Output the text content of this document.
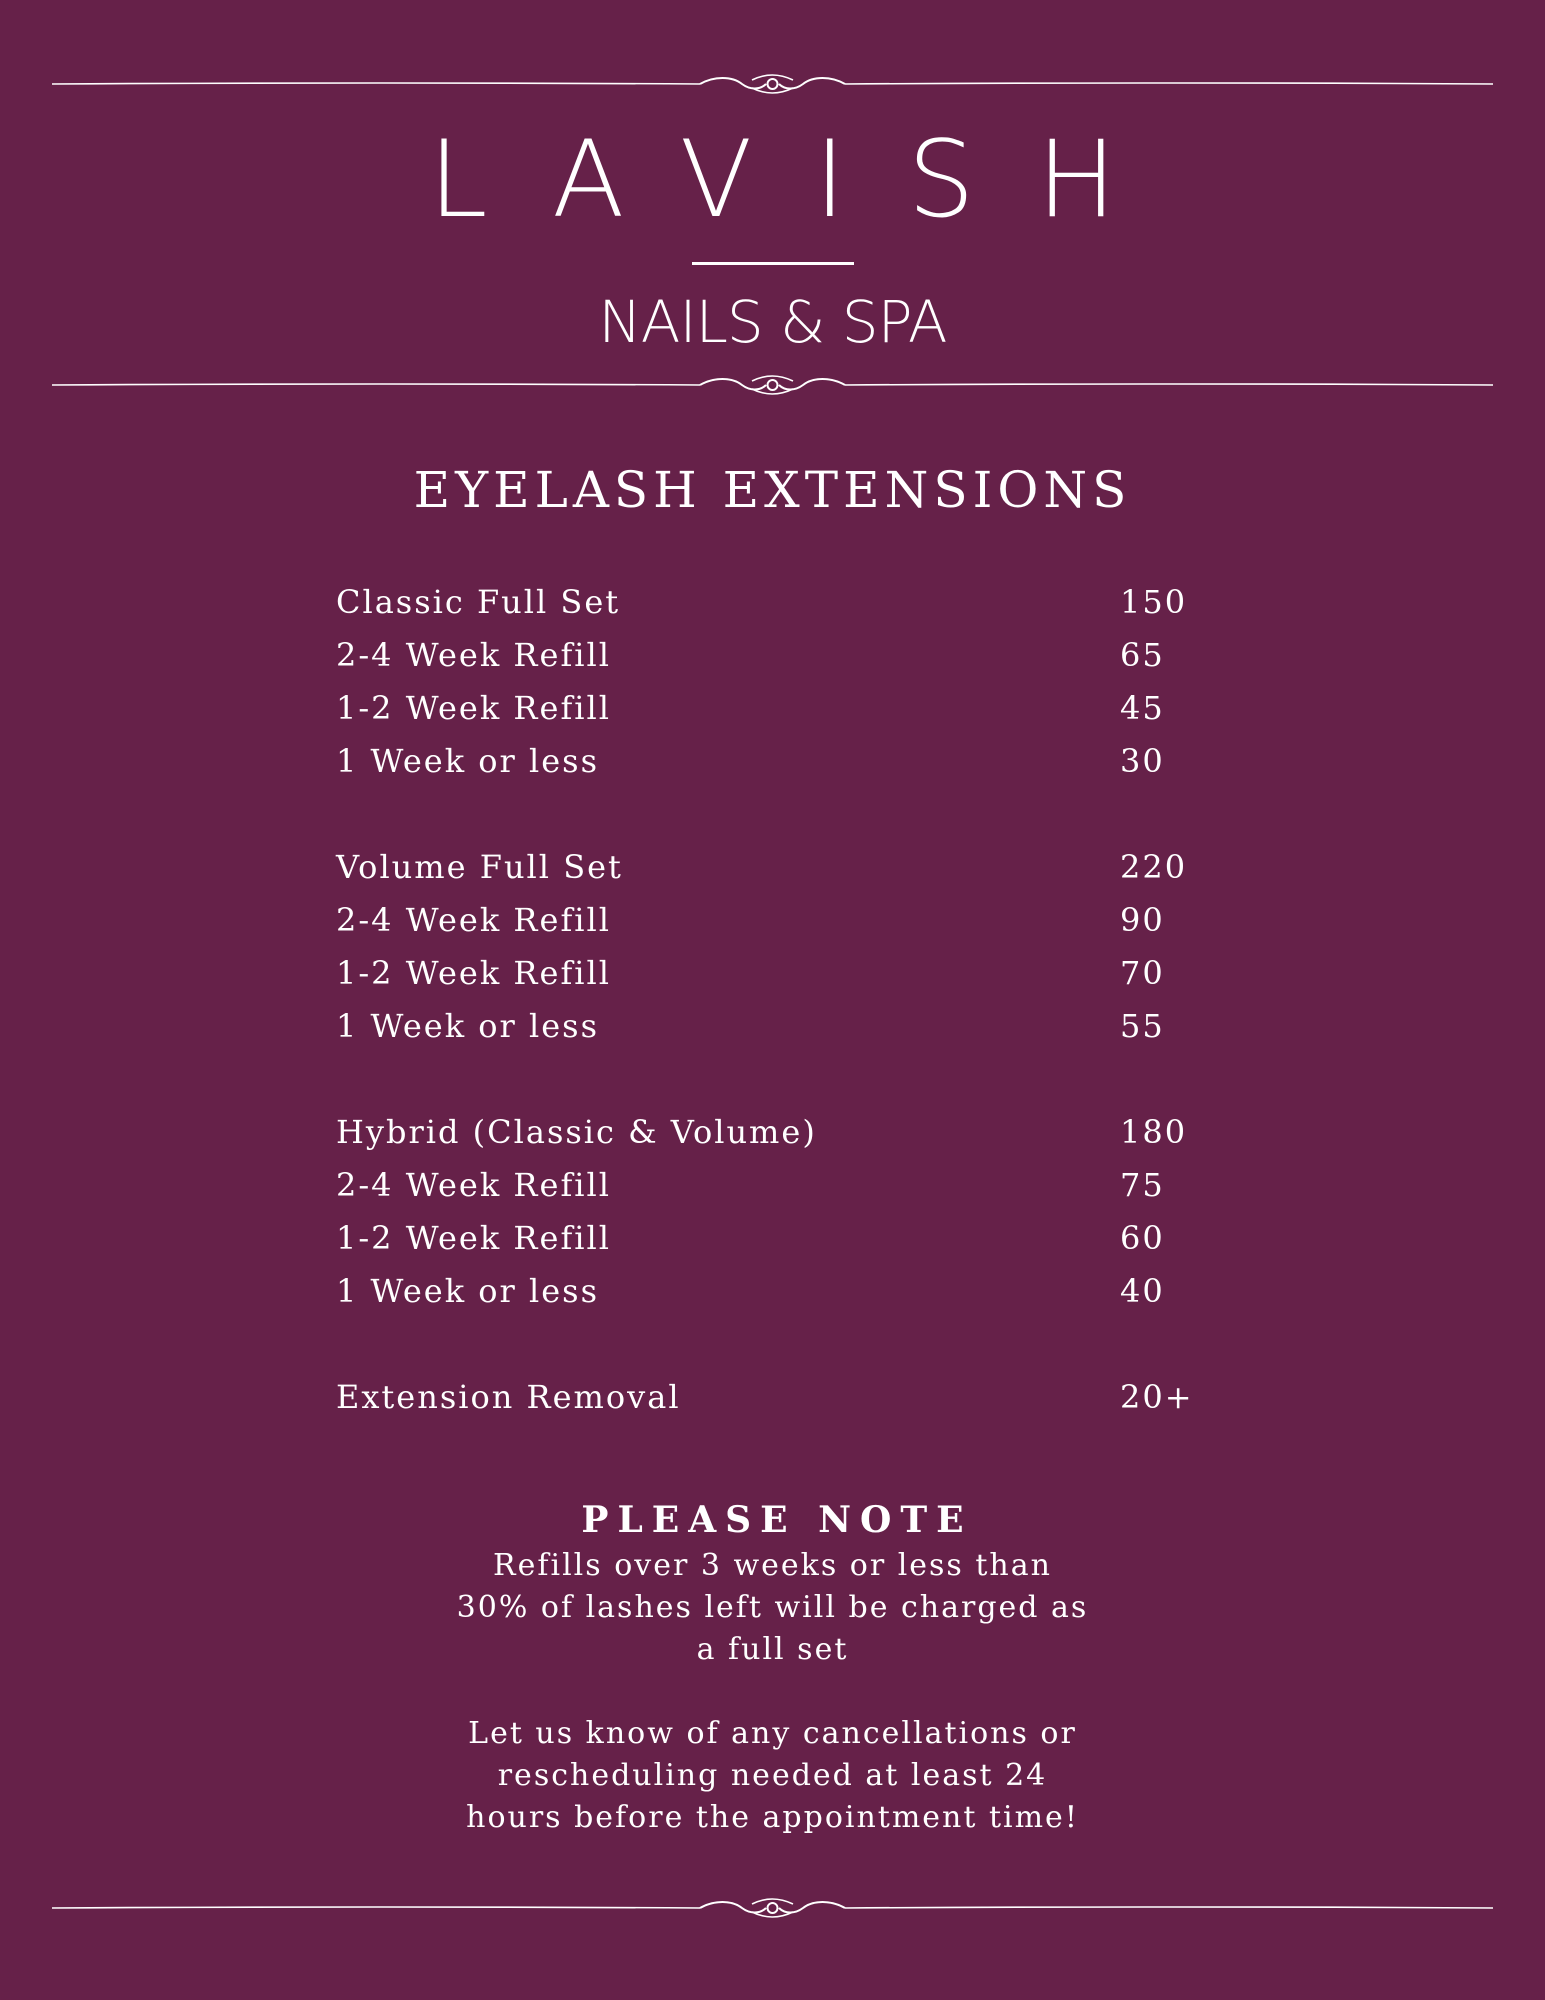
LAVISH
NAILS & SPA
EYELASH EXTENSIONS
Classic Full Set	150
2-4 Week Refill	65
1-2 Week Refill	45
1 Week or less	30
Volume Full Set	220
2-4 Week Refill	90
1-2 Week Refill	70
1 Week or less	55
Hybrid (Classic & Volume)	180
2-4 Week Refill	75
1-2 Week Refill	60
1 Week or less	40
Extension Removal	20+
PLEASE NOTE
Refills over 3 weeks or less than 30% of lashes left will be charged as a full set
Let us know of any cancellations or rescheduling needed at least 24 hours before the appointment time!
